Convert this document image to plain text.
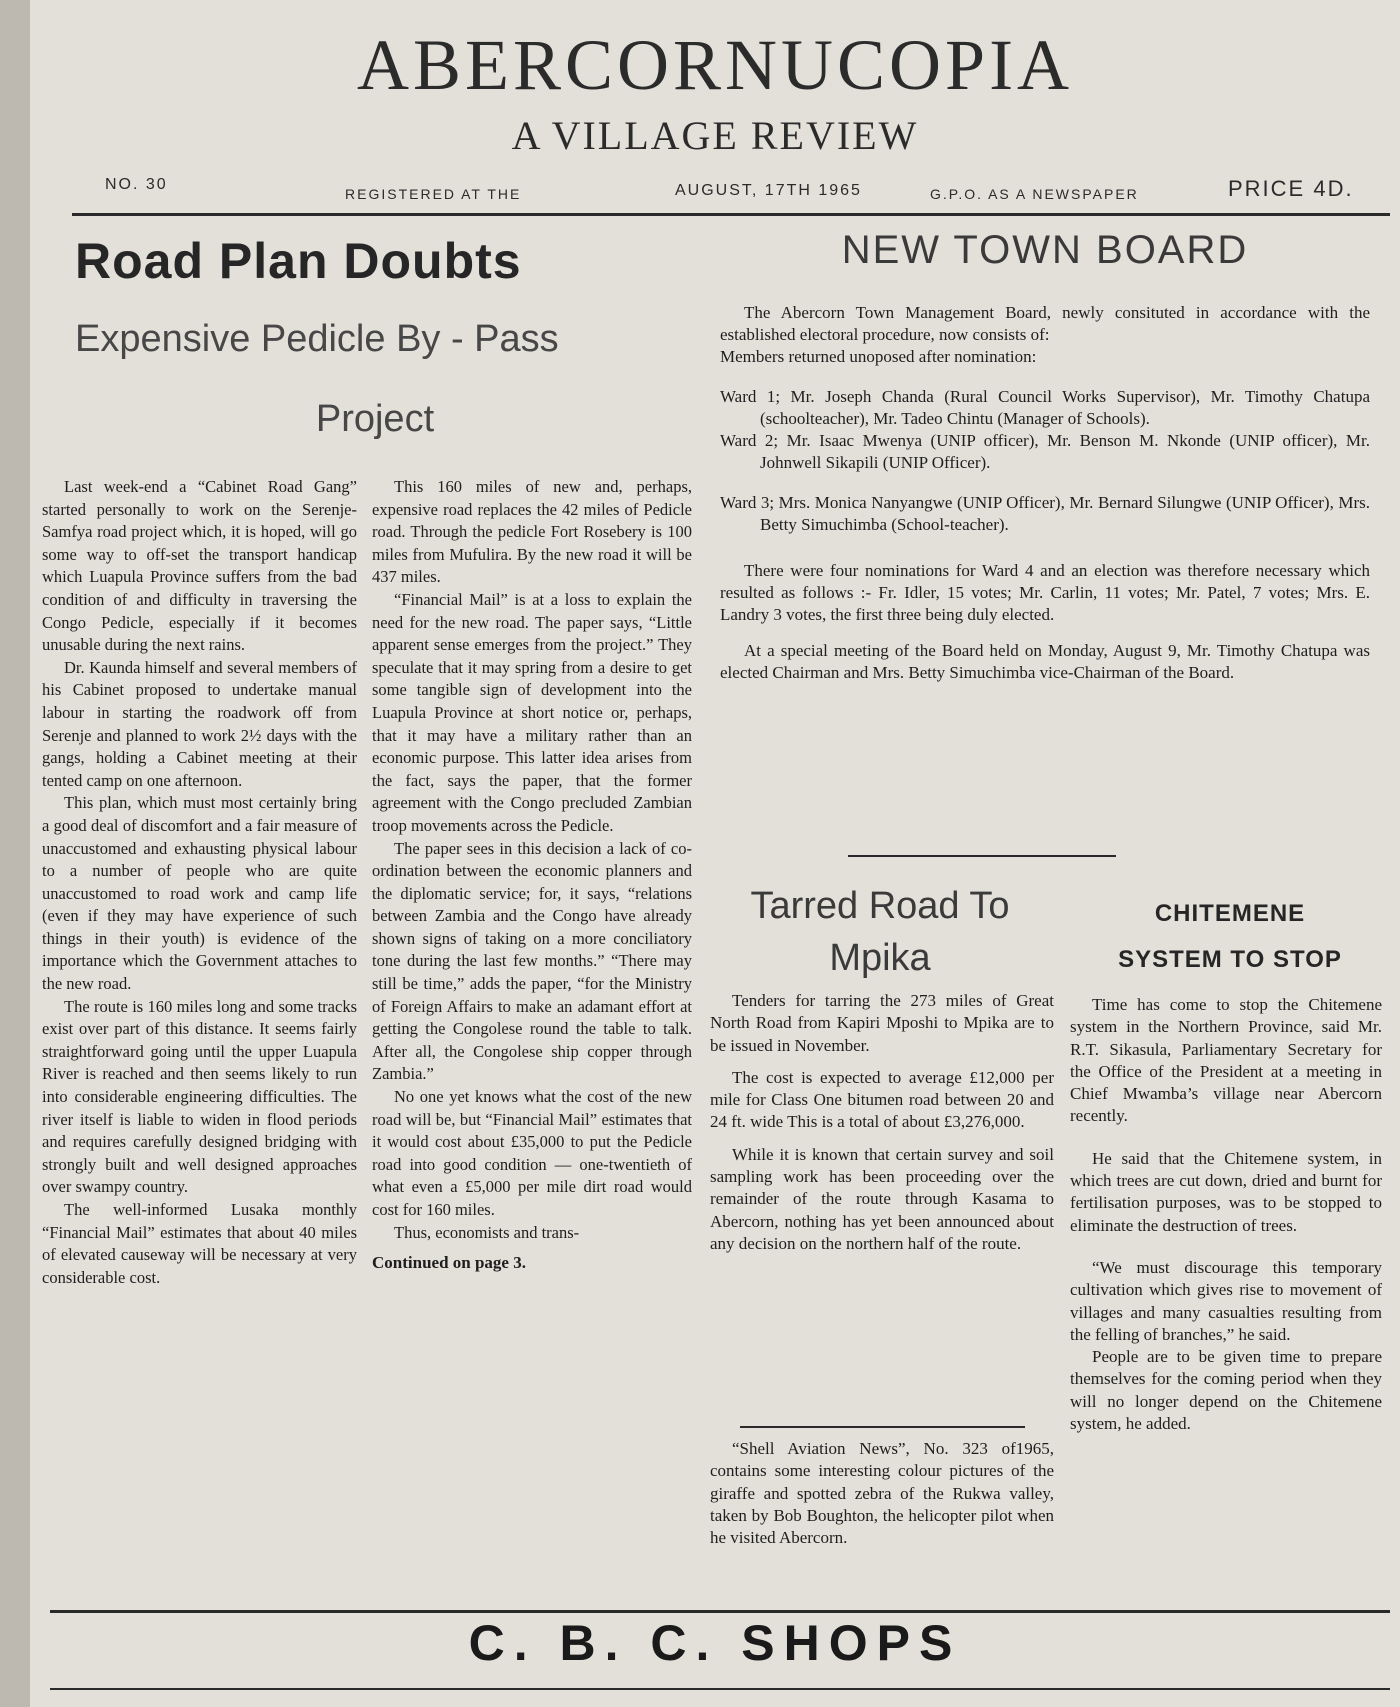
ABERCORNUCOPIA
A VILLAGE REVIEW
NO. 30
REGISTERED AT THE	AUGUST, 17TH 1965	G.P.O. AS A NEWSPAPER	PRICE 4D.
Road Plan Doubts
Expensive Pedicle By - Pass
Project

Last week-end a “Cabinet Road Gang” started personally to work on the Serenje-Samfya road project which, it is hoped, will go some way to off-set the transport handicap which Luapula Province suffers from the bad condition of and difficulty in traversing the Congo Pedicle, especially if it becomes unusable during the next rains.

Dr. Kaunda himself and several members of his Cabinet proposed to undertake manual labour in starting the roadwork off from Serenje and planned to work 2½ days with the gangs, holding a Cabinet meeting at their tented camp on one afternoon.

This plan, which must most certainly bring a good deal of discomfort and a fair measure of unaccustomed and exhausting physical labour to a number of people who are quite unaccustomed to road work and camp life (even if they may have experience of such things in their youth) is evidence of the importance which the Government attaches to the new road.

The route is 160 miles long and some tracks exist over part of this distance. It seems fairly straightforward going until the upper Luapula River is reached and then seems likely to run into considerable engineering difficulties. The river itself is liable to widen in flood periods and requires carefully designed bridging with strongly built and well designed approaches over swampy country.

The well-informed Lusaka monthly “Financial Mail” estimates that about 40 miles of elevated causeway will be necessary at very considerable cost.

This 160 miles of new and, perhaps, expensive road replaces the 42 miles of Pedicle road. Through the pedicle Fort Rosebery is 100 miles from Mufulira. By the new road it will be 437 miles.

“Financial Mail” is at a loss to explain the need for the new road. The paper says, “Little apparent sense emerges from the project.” They speculate that it may spring from a desire to get some tangible sign of development into the Luapula Province at short notice or, perhaps, that it may have a military rather than an economic purpose. This latter idea arises from the fact, says the paper, that the former agreement with the Congo precluded Zambian troop movements across the Pedicle.

The paper sees in this decision a lack of co-ordination between the economic planners and the diplomatic service; for, it says, “relations between Zambia and the Congo have already shown signs of taking on a more conciliatory tone during the last few months.” “There may still be time,” adds the paper, “for the Ministry of Foreign Affairs to make an adamant effort at getting the Congolese round the table to talk. After all, the Congolese ship copper through Zambia.”

No one yet knows what the cost of the new road will be, but “Financial Mail” estimates that it would cost about £35,000 to put the Pedicle road into good condition — one-twentieth of what even a £5,000 per mile dirt road would cost for 160 miles.

Thus, economists and trans-

Continued on page 3.

NEW TOWN BOARD

The Abercorn Town Management Board, newly consituted in accordance with the established electoral procedure, now consists of:

Members returned unoposed after nomination:

Ward 1; Mr. Joseph Chanda (Rural Council Works Supervisor), Mr. Timothy Chatupa (schoolteacher), Mr. Tadeo Chintu (Manager of Schools).

Ward 2; Mr. Isaac Mwenya (UNIP officer), Mr. Benson M. Nkonde (UNIP officer), Mr. Johnwell Sikapili (UNIP Officer).

Ward 3; Mrs. Monica Nanyangwe (UNIP Officer), Mr. Bernard Silungwe (UNIP Officer), Mrs. Betty Simuchimba (School-teacher).

There were four nominations for Ward 4 and an election was therefore necessary which resulted as follows :- Fr. Idler, 15 votes; Mr. Carlin, 11 votes; Mr. Patel, 7 votes; Mrs. E. Landry 3 votes, the first three being duly elected.

At a special meeting of the Board held on Monday, August 9, Mr. Timothy Chatupa was elected Chairman and Mrs. Betty Simuchimba vice-Chairman of the Board.

Tarred Road To
Mpika

Tenders for tarring the 273 miles of Great North Road from Kapiri Mposhi to Mpika are to be issued in November.

The cost is expected to average £12,000 per mile for Class One bitumen road between 20 and 24 ft. wide This is a total of about £3,276,000.

While it is known that certain survey and soil sampling work has been proceeding over the remainder of the route through Kasama to Abercorn, nothing has yet been announced about any decision on the northern half of the route.

“Shell Aviation News”, No. 323 of1965, contains some interesting colour pictures of the giraffe and spotted zebra of the Rukwa valley, taken by Bob Boughton, the helicopter pilot when he visited Abercorn.

CHITEMENE
SYSTEM TO STOP

Time has come to stop the Chitemene system in the Northern Province, said Mr. R.T. Sikasula, Parliamentary Secretary for the Office of the President at a meeting in Chief Mwamba’s village near Abercorn recently.

He said that the Chitemene system, in which trees are cut down, dried and burnt for fertilisation purposes, was to be stopped to eliminate the destruction of trees.

“We must discourage this temporary cultivation which gives rise to movement of villages and many casualties resulting from the felling of branches,” he said.

People are to be given time to prepare themselves for the coming period when they will no longer depend on the Chitemene system, he added.

C. B. C. SHOPS
